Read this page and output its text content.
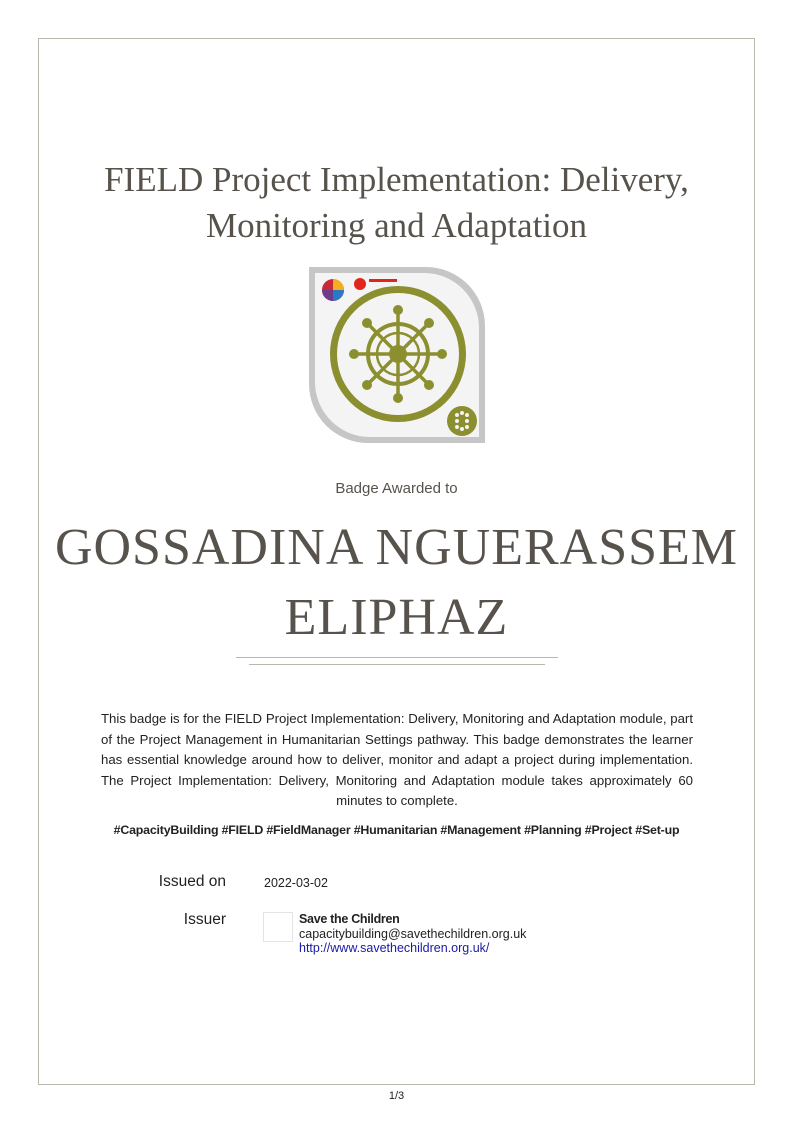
FIELD Project Implementation: Delivery, Monitoring and Adaptation
Badge Awarded to
GOSSADINA NGUERASSEM ELIPHAZ

This badge is for the FIELD Project Implementation: Delivery, Monitoring and Adaptation module, part of the Project Management in Humanitarian Settings pathway. This badge demonstrates the learner has essential knowledge around how to deliver, monitor and adapt a project during implementation. The Project Implementation: Delivery, Monitoring and Adaptation module takes approximately 60 minutes to complete.

#CapacityBuilding #FIELD #FieldManager #Humanitarian #Management #Planning #Project #Set-up
Issued on	2022-03-02
Issuer	Save the Children
capacitybuilding@savethechildren.org.uk
http://www.savethechildren.org.uk/
1/3
